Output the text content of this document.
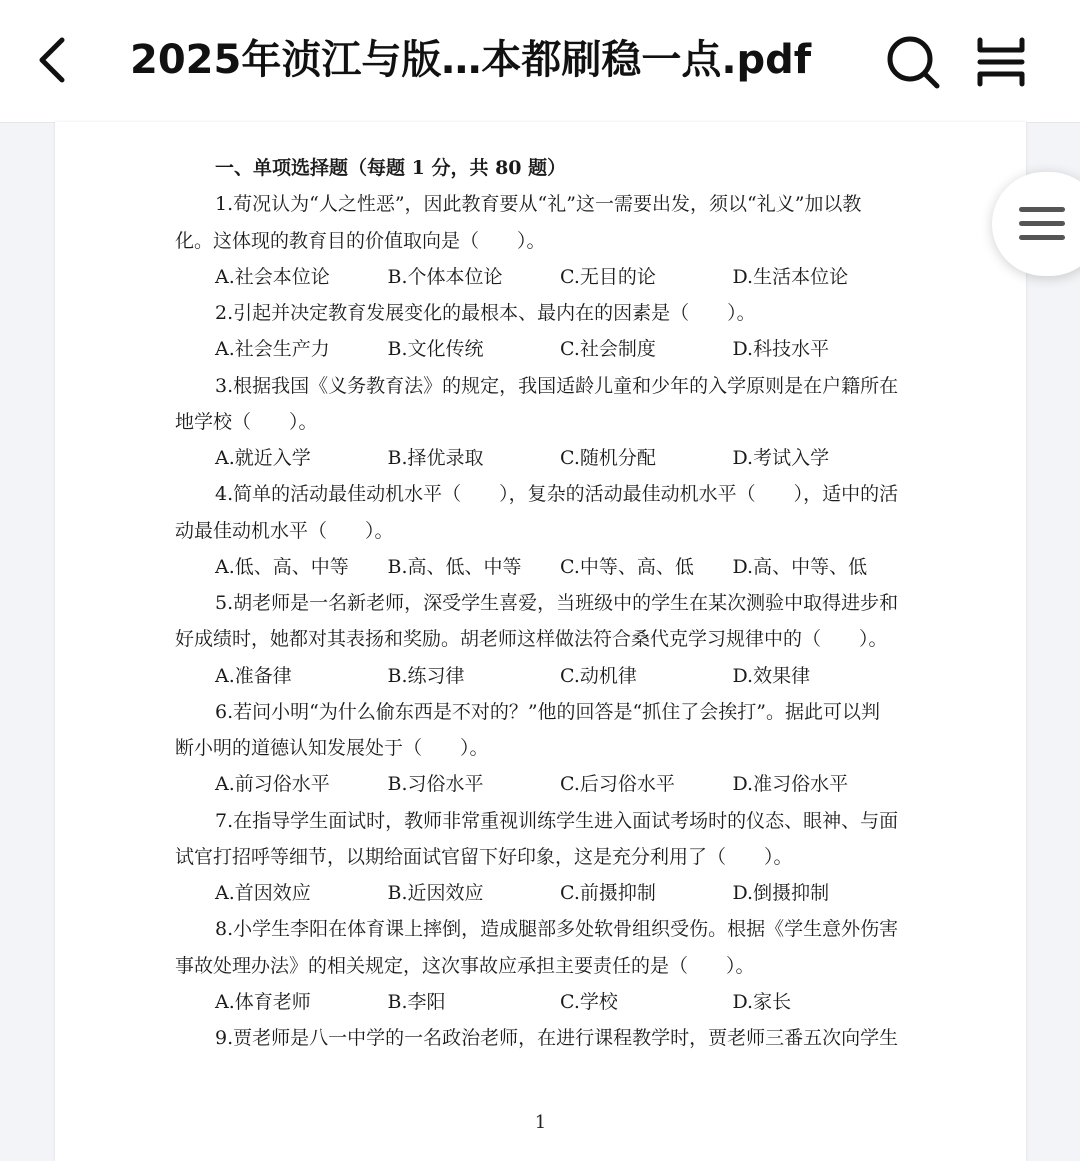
2025年浈江与版…本都刷稳一点.pdf
一、单项选择题（每题 1 分，共 80 题）
1.荀况认为“人之性恶”，因此教育要从“礼”这一需要出发，须以“礼义”加以教
化。这体现的教育目的价值取向是（　　）。
A.社会本位论	B.个体本位论	C.无目的论	D.生活本位论
2.引起并决定教育发展变化的最根本、最内在的因素是（　　）。
A.社会生产力	B.文化传统	C.社会制度	D.科技水平
3.根据我国《义务教育法》的规定，我国适龄儿童和少年的入学原则是在户籍所在
地学校（　　）。
A.就近入学	B.择优录取	C.随机分配	D.考试入学
4.简单的活动最佳动机水平（　　），复杂的活动最佳动机水平（　　），适中的活
动最佳动机水平（　　）。
A.低、高、中等	B.高、低、中等	C.中等、高、低	D.高、中等、低
5.胡老师是一名新老师，深受学生喜爱，当班级中的学生在某次测验中取得进步和
好成绩时，她都对其表扬和奖励。胡老师这样做法符合桑代克学习规律中的（　　）。
A.准备律	B.练习律	C.动机律	D.效果律
6.若问小明“为什么偷东西是不对的？”他的回答是“抓住了会挨打”。据此可以判
断小明的道德认知发展处于（　　）。
A.前习俗水平	B.习俗水平	C.后习俗水平	D.准习俗水平
7.在指导学生面试时，教师非常重视训练学生进入面试考场时的仪态、眼神、与面
试官打招呼等细节，以期给面试官留下好印象，这是充分利用了（　　）。
A.首因效应	B.近因效应	C.前摄抑制	D.倒摄抑制
8.小学生李阳在体育课上摔倒，造成腿部多处软骨组织受伤。根据《学生意外伤害
事故处理办法》的相关规定，这次事故应承担主要责任的是（　　）。
A.体育老师	B.李阳	C.学校	D.家长
9.贾老师是八一中学的一名政治老师，在进行课程教学时，贾老师三番五次向学生
1
